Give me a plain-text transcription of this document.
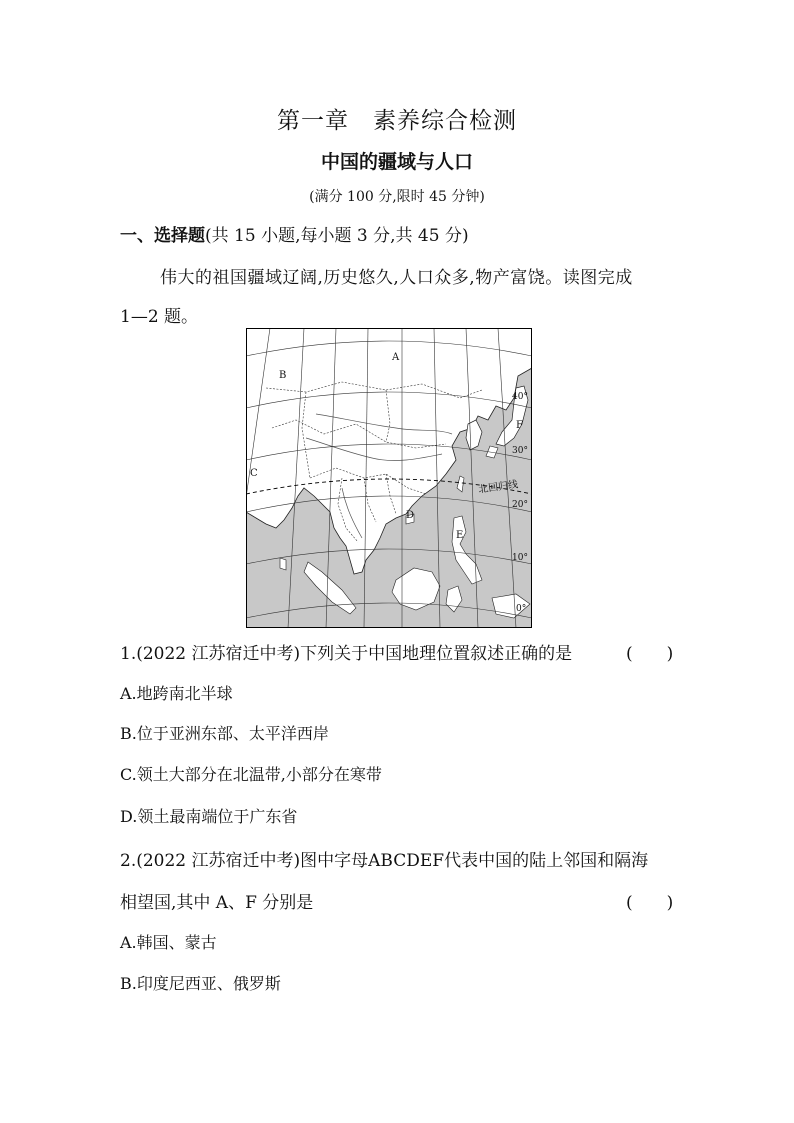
第一章　素养综合检测
中国的疆域与人口
(满分 100 分,限时 45 分钟)
一、选择题(共 15 小题,每小题 3 分,共 45 分)
伟大的祖国疆域辽阔,历史悠久,人口众多,物产富饶。读图完成
1—2 题。
A
B
C
D
E
F
40°
30°
20°
10°
0°
北回归线
1.(2022 江苏宿迁中考)下列关于中国地理位置叙述正确的是	(　　)
A.地跨南北半球
B.位于亚洲东部、太平洋西岸
C.领土大部分在北温带,小部分在寒带
D.领土最南端位于广东省
2.(2022 江苏宿迁中考)图中字母ABCDEF代表中国的陆上邻国和隔海
相望国,其中 A、F 分别是	(　　)
A.韩国、蒙古
B.印度尼西亚、俄罗斯
